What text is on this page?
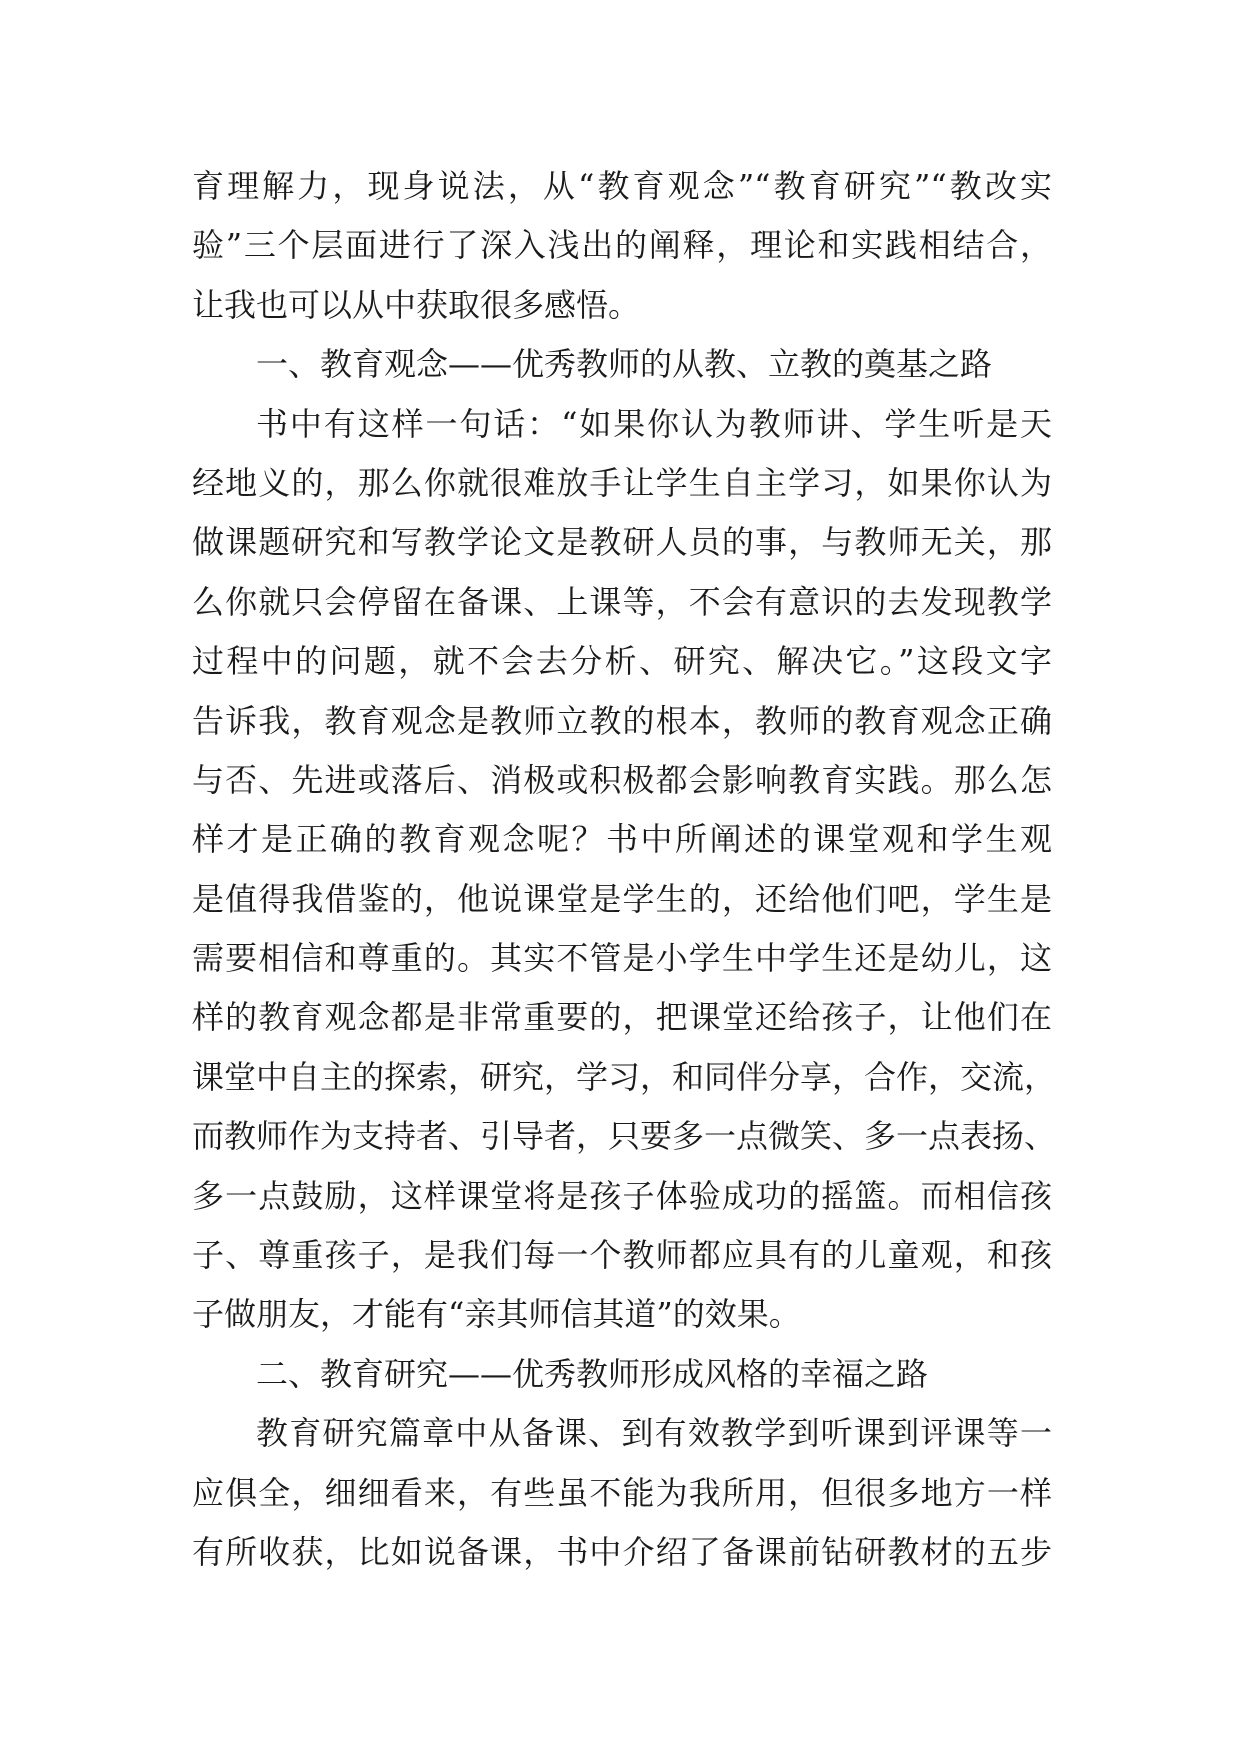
育理解力，现身说法，从“教育观念”“教育研究”“教改实
验”三个层面进行了深入浅出的阐释，理论和实践相结合，
让我也可以从中获取很多感悟。
一、教育观念——优秀教师的从教、立教的奠基之路
书中有这样一句话：“如果你认为教师讲、学生听是天
经地义的，那么你就很难放手让学生自主学习，如果你认为
做课题研究和写教学论文是教研人员的事，与教师无关，那
么你就只会停留在备课、上课等，不会有意识的去发现教学
过程中的问题，就不会去分析、研究、解决它。”这段文字
告诉我，教育观念是教师立教的根本，教师的教育观念正确
与否、先进或落后、消极或积极都会影响教育实践。那么怎
样才是正确的教育观念呢？书中所阐述的课堂观和学生观
是值得我借鉴的，他说课堂是学生的，还给他们吧，学生是
需要相信和尊重的。其实不管是小学生中学生还是幼儿，这
样的教育观念都是非常重要的，把课堂还给孩子，让他们在
课堂中自主的探索，研究，学习，和同伴分享，合作，交流，
而教师作为支持者、引导者，只要多一点微笑、多一点表扬、
多一点鼓励，这样课堂将是孩子体验成功的摇篮。而相信孩
子、尊重孩子，是我们每一个教师都应具有的儿童观，和孩
子做朋友，才能有“亲其师信其道”的效果。
二、教育研究——优秀教师形成风格的幸福之路
教育研究篇章中从备课、到有效教学到听课到评课等一
应俱全，细细看来，有些虽不能为我所用，但很多地方一样
有所收获，比如说备课，书中介绍了备课前钻研教材的五步
